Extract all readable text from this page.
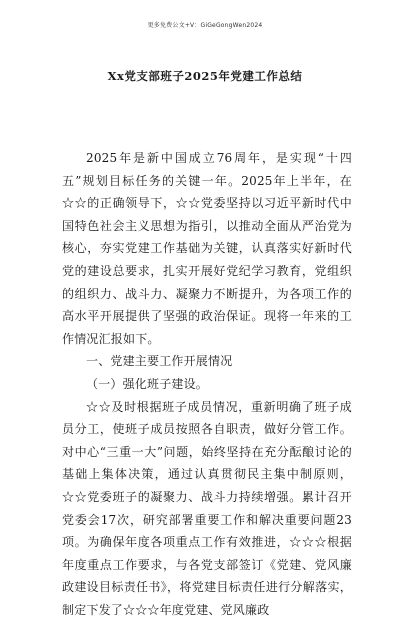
更多免费公文+V：GiGeGongWen2024
Xx党支部班子2025年党建工作总结

2025年是新中国成立76周年，是实现“十四五”规划目标任务的关键一年。2025年上半年，在☆☆的正确领导下，☆☆党委坚持以习近平新时代中国特色社会主义思想为指引，以推动全面从严治党为核心，夯实党建工作基础为关键，认真落实好新时代党的建设总要求，扎实开展好党纪学习教育，党组织的组织力、战斗力、凝聚力不断提升，为各项工作的高水平开展提供了坚强的政治保证。现将一年来的工作情况汇报如下。

一、党建主要工作开展情况

（一）强化班子建设。

☆☆及时根据班子成员情况，重新明确了班子成员分工，使班子成员按照各自职责，做好分管工作。对中心“三重一大”问题，始终坚持在充分酝酿讨论的基础上集体决策，通过认真贯彻民主集中制原则，☆☆党委班子的凝聚力、战斗力持续增强。累计召开党委会17次，研究部署重要工作和解决重要问题23项。为确保年度各项重点工作有效推进，☆☆☆根据年度重点工作要求，与各党支部签订《党建、党风廉政建设目标责任书》，将党建目标责任进行分解落实，制定下发了☆☆☆年度党建、党风廉政
